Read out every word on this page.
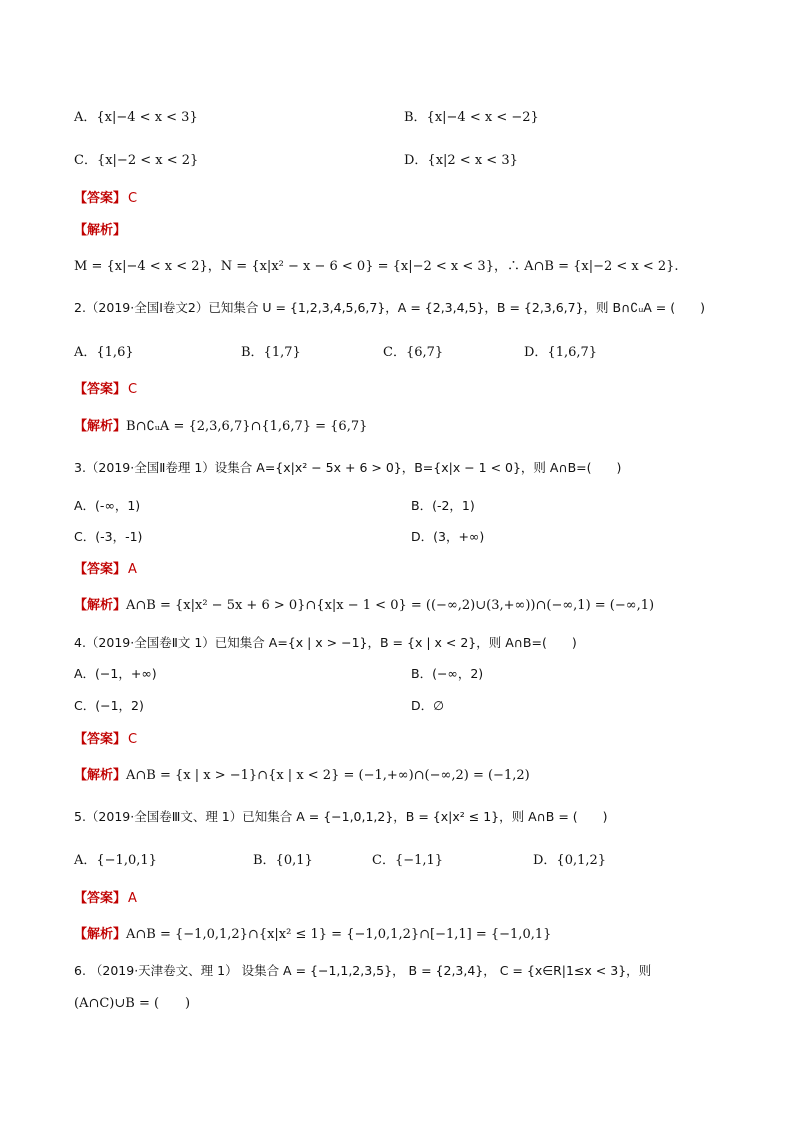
A．{x|−4 < x < 3}	B．{x|−4 < x < −2}
C．{x|−2 < x < 2}	D．{x|2 < x < 3}
【答案】 C
【解析】
M = {x|−4 < x < 2}，N = {x|x² − x − 6 < 0} = {x|−2 < x < 3}，∴ A∩B = {x|−2 < x < 2}.
2.（2019·全国Ⅰ卷文2）已知集合 U = {1,2,3,4,5,6,7}，A = {2,3,4,5}，B = {2,3,6,7}，则 B∩∁ᵤA = (　　)
A．{1,6}	B．{1,7}	C．{6,7}	D．{1,6,7}
【答案】 C
【解析】B∩∁ᵤA = {2,3,6,7}∩{1,6,7} = {6,7}
3.（2019·全国Ⅱ卷理 1）设集合 A={x|x² − 5x + 6 > 0}，B={x|x − 1 < 0}，则 A∩B=(　　)
A．(-∞，1)	B．(-2，1)
C．(-3，-1)	D．(3，+∞)
【答案】 A
【解析】A∩B = {x|x² − 5x + 6 > 0}∩{x|x − 1 < 0} = ((−∞,2)∪(3,+∞))∩(−∞,1) = (−∞,1)
4.（2019·全国卷Ⅱ文 1）已知集合 A={x | x > −1}，B = {x | x < 2}，则 A∩B=(　　)
A．(−1，+∞)	B．(−∞，2)
C．(−1，2)	D．∅
【答案】 C
【解析】A∩B = {x | x > −1}∩{x | x < 2} = (−1,+∞)∩(−∞,2) = (−1,2)
5.（2019·全国卷Ⅲ文、理 1）已知集合 A = {−1,0,1,2}，B = {x|x² ≤ 1}，则 A∩B = (　　)
A．{−1,0,1}	B．{0,1}	C．{−1,1}	D．{0,1,2}
【答案】 A
【解析】A∩B = {−1,0,1,2}∩{x|x² ≤ 1} = {−1,0,1,2}∩[−1,1] = {−1,0,1}
6. （2019·天津卷文、理 1） 设集合 A = {−1,1,2,3,5}， B = {2,3,4}， C = {x∈R|1≤x < 3}，则
(A∩C)∪B = (　　)
